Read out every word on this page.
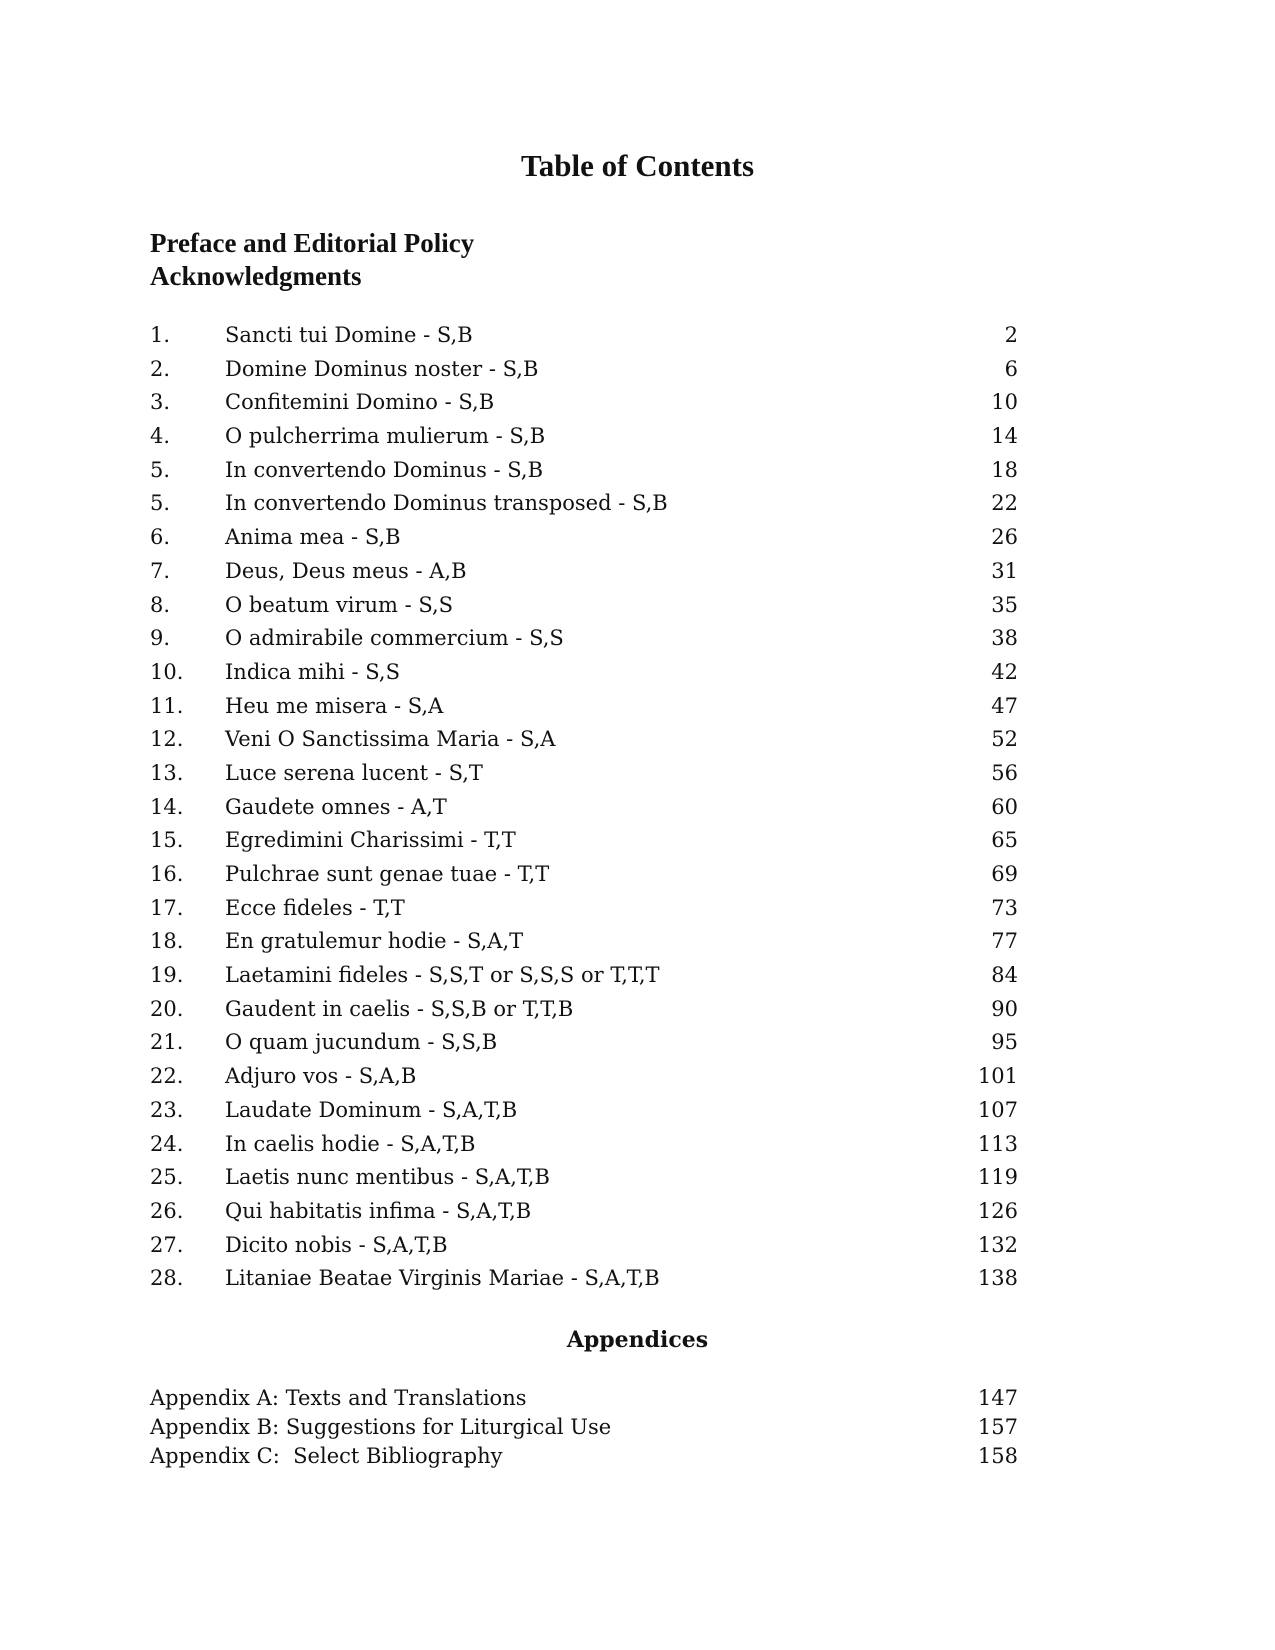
Table of Contents
Preface and Editorial Policy
Acknowledgments
1.	Sancti tui Domine - S,B	2
2.	Domine Dominus noster - S,B	6
3.	Confitemini Domino - S,B	10
4.	O pulcherrima mulierum - S,B	14
5.	In convertendo Dominus - S,B	18
5.	In convertendo Dominus transposed - S,B	22
6.	Anima mea - S,B	26
7.	Deus, Deus meus - A,B	31
8.	O beatum virum - S,S	35
9.	O admirabile commercium - S,S	38
10. Indica mihi - S,S	42
11. Heu me misera - S,A	47
12. Veni O Sanctissima Maria - S,A	52
13. Luce serena lucent - S,T	56
14. Gaudete omnes - A,T	60
15. Egredimini Charissimi - T,T	65
16. Pulchrae sunt genae tuae - T,T	69
17. Ecce fideles - T,T	73
18. En gratulemur hodie - S,A,T	77
19. Laetamini fideles - S,S,T or S,S,S or T,T,T	84
20. Gaudent in caelis - S,S,B or T,T,B	90
21. O quam jucundum - S,S,B	95
22. Adjuro vos - S,A,B	101
23. Laudate Dominum - S,A,T,B	107
24. In caelis hodie - S,A,T,B	113
25. Laetis nunc mentibus - S,A,T,B	119
26. Qui habitatis infima - S,A,T,B	126
27. Dicito nobis - S,A,T,B	132
28. Litaniae Beatae Virginis Mariae - S,A,T,B	138
Appendices
Appendix A: Texts and Translations	147
Appendix B: Suggestions for Liturgical Use	157
Appendix C:  Select Bibliography	158
